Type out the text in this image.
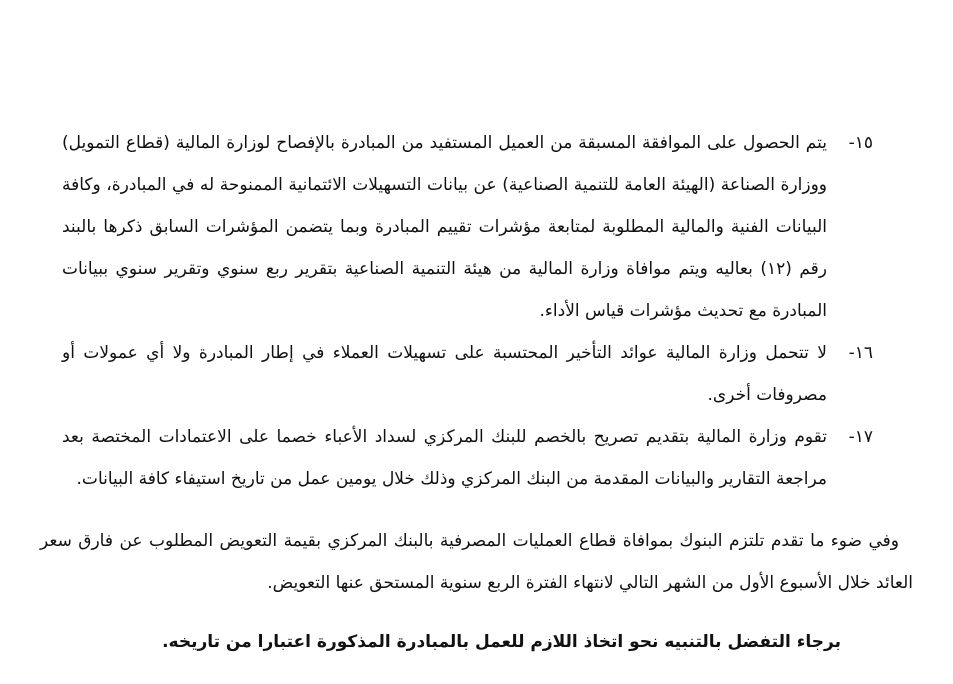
١٥-
يتم الحصول على الموافقة المسبقة من العميل المستفيد من المبادرة بالإفصاح لوزارة المالية (قطاع التمويل) ووزارة الصناعة (الهيئة العامة للتنمية الصناعية) عن بيانات التسهيلات الائتمانية الممنوحة له في المبادرة، وكافة البيانات الفنية والمالية المطلوبة لمتابعة مؤشرات تقييم المبادرة وبما يتضمن المؤشرات السابق ذكرها بالبند رقم (١٢) بعاليه ويتم موافاة وزارة المالية من هيئة التنمية الصناعية بتقرير ربع سنوي وتقرير سنوي ببيانات المبادرة مع تحديث مؤشرات قياس الأداء.
١٦-
لا تتحمل وزارة المالية عوائد التأخير المحتسبة على تسهيلات العملاء في إطار المبادرة ولا أي عمولات أو مصروفات أخرى.
١٧-
تقوم وزارة المالية بتقديم تصريح بالخصم للبنك المركزي لسداد الأعباء خصما على الاعتمادات المختصة بعد مراجعة التقارير والبيانات المقدمة من البنك المركزي وذلك خلال يومين عمل من تاريخ استيفاء كافة البيانات.

وفي ضوء ما تقدم تلتزم البنوك بموافاة قطاع العمليات المصرفية بالبنك المركزي بقيمة التعويض المطلوب عن فارق سعر العائد خلال الأسبوع الأول من الشهر التالي لانتهاء الفترة الربع سنوية المستحق عنها التعويض.

برجاء التفضل بالتنبيه نحو اتخاذ اللازم للعمل بالمبادرة المذكورة اعتبارا من تاريخه.
